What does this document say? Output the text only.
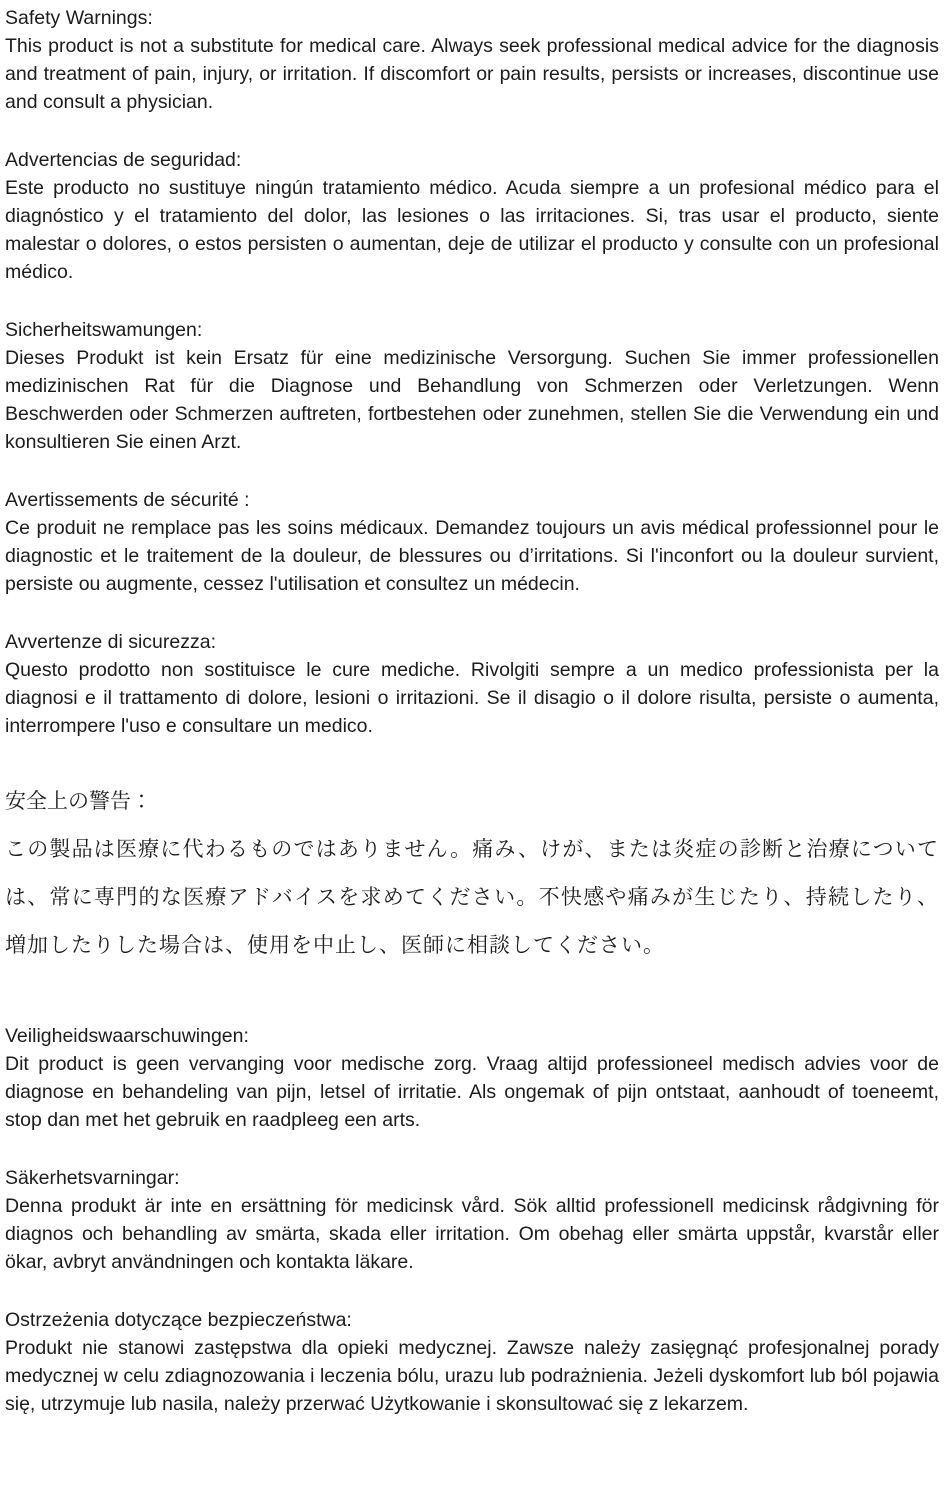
Safety Warnings:

This product is not a substitute for medical care. Always seek professional medical advice for the diagnosis and treatment of pain, injury, or irritation. If discomfort or pain results, persists or increases, discontinue use and consult a physician.

Advertencias de seguridad:

Este producto no sustituye ningún tratamiento médico. Acuda siempre a un profesional médico para el diagnóstico y el tratamiento del dolor, las lesiones o las irritaciones. Si, tras usar el producto, siente malestar o dolores, o estos persisten o aumentan, deje de utilizar el producto y consulte con un profesional médico.

Sicherheitswamungen:

Dieses Produkt ist kein Ersatz für eine medizinische Versorgung. Suchen Sie immer professionellen medizinischen Rat für die Diagnose und Behandlung von Schmerzen oder Verletzungen. Wenn Beschwerden oder Schmerzen auftreten, fortbestehen oder zunehmen, stellen Sie die Verwendung ein und konsultieren Sie einen Arzt.

Avertissements de sécurité :

Ce produit ne remplace pas les soins médicaux. Demandez toujours un avis médical professionnel pour le diagnostic et le traitement de la douleur, de blessures ou d’irritations. Si l'inconfort ou la douleur survient, persiste ou augmente, cessez l'utilisation et consultez un médecin.

Avvertenze di sicurezza:

Questo prodotto non sostituisce le cure mediche. Rivolgiti sempre a un medico professionista per la diagnosi e il trattamento di dolore, lesioni o irritazioni. Se il disagio o il dolore risulta, persiste o aumenta, interrompere l'uso e consultare un medico.

安全上の警告：

この製品は医療に代わるものではありません。痛み、けが、または炎症の診断と治療については、常に専門的な医療アドバイスを求めてください。不快感や痛みが生じたり、持続したり、増加したりした場合は、使用を中止し、医師に相談してください。

Veiligheidswaarschuwingen:

Dit product is geen vervanging voor medische zorg. Vraag altijd professioneel medisch advies voor de diagnose en behandeling van pijn, letsel of irritatie. Als ongemak of pijn ontstaat, aanhoudt of toeneemt, stop dan met het gebruik en raadpleeg een arts.

Säkerhetsvarningar:

Denna produkt är inte en ersättning för medicinsk vård. Sök alltid professionell medicinsk rådgivning för diagnos och behandling av smärta, skada eller irritation. Om obehag eller smärta uppstår, kvarstår eller ökar, avbryt användningen och kontakta läkare.

Ostrzeżenia dotyczące bezpieczeństwa:

Produkt nie stanowi zastępstwa dla opieki medycznej. Zawsze należy zasięgnąć profesjonalnej porady medycznej w celu zdiagnozowania i leczenia bólu, urazu lub podrażnienia. Jeżeli dyskomfort lub ból pojawia się, utrzymuje lub nasila, należy przerwać Użytkowanie i skonsultować się z lekarzem.
